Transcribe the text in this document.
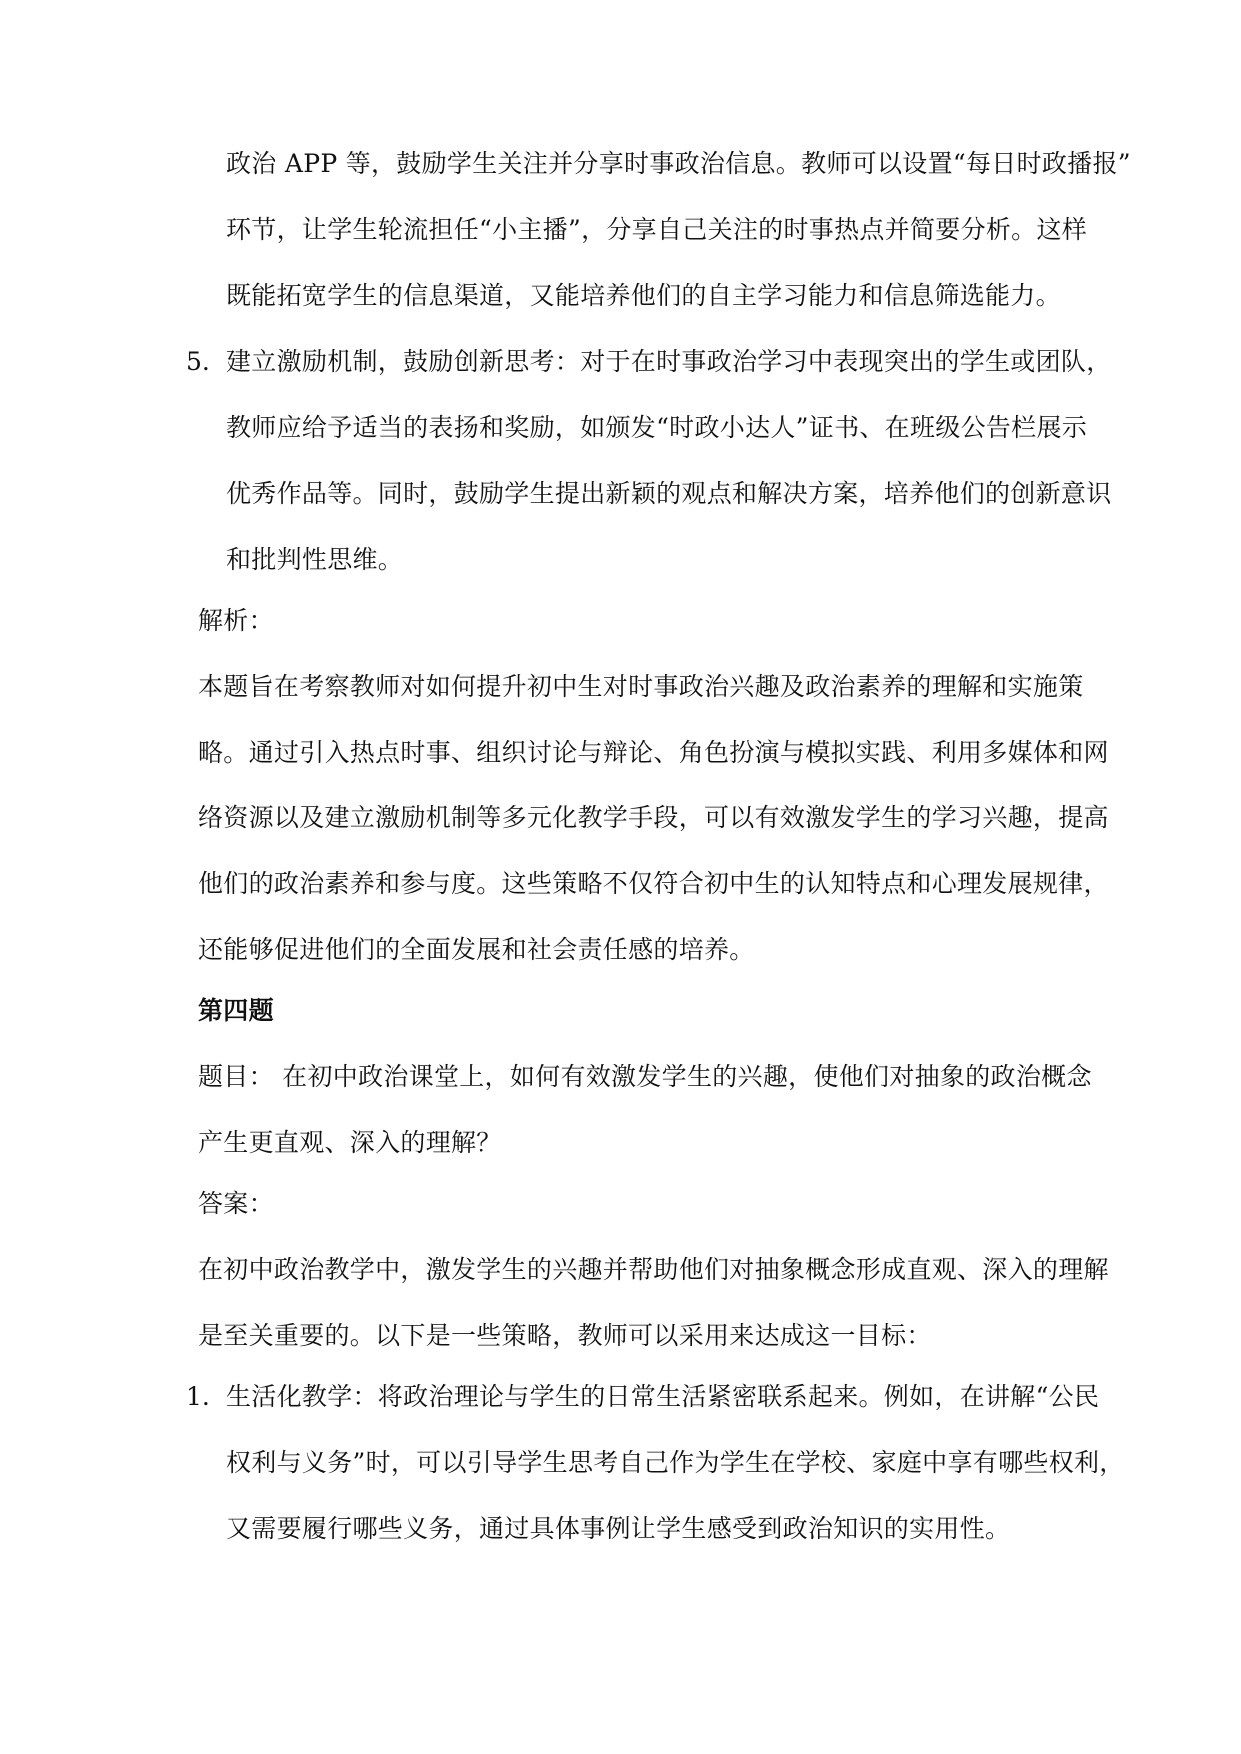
政治 APP 等，鼓励学生关注并分享时事政治信息。教师可以设置“每日时政播报”
环节，让学生轮流担任“小主播”，分享自己关注的时事热点并简要分析。这样
既能拓宽学生的信息渠道，又能培养他们的自主学习能力和信息筛选能力。
5. 建立激励机制，鼓励创新思考：对于在时事政治学习中表现突出的学生或团队，
教师应给予适当的表扬和奖励，如颁发“时政小达人”证书、在班级公告栏展示
优秀作品等。同时，鼓励学生提出新颖的观点和解决方案，培养他们的创新意识
和批判性思维。
解析：
本题旨在考察教师对如何提升初中生对时事政治兴趣及政治素养的理解和实施策
略。通过引入热点时事、组织讨论与辩论、角色扮演与模拟实践、利用多媒体和网
络资源以及建立激励机制等多元化教学手段，可以有效激发学生的学习兴趣，提高
他们的政治素养和参与度。这些策略不仅符合初中生的认知特点和心理发展规律，
还能够促进他们的全面发展和社会责任感的培养。
第四题
题目： 在初中政治课堂上，如何有效激发学生的兴趣，使他们对抽象的政治概念
产生更直观、深入的理解？
答案：
在初中政治教学中，激发学生的兴趣并帮助他们对抽象概念形成直观、深入的理解
是至关重要的。以下是一些策略，教师可以采用来达成这一目标：
1. 生活化教学：将政治理论与学生的日常生活紧密联系起来。例如，在讲解“公民
权利与义务”时，可以引导学生思考自己作为学生在学校、家庭中享有哪些权利，
又需要履行哪些义务，通过具体事例让学生感受到政治知识的实用性。
